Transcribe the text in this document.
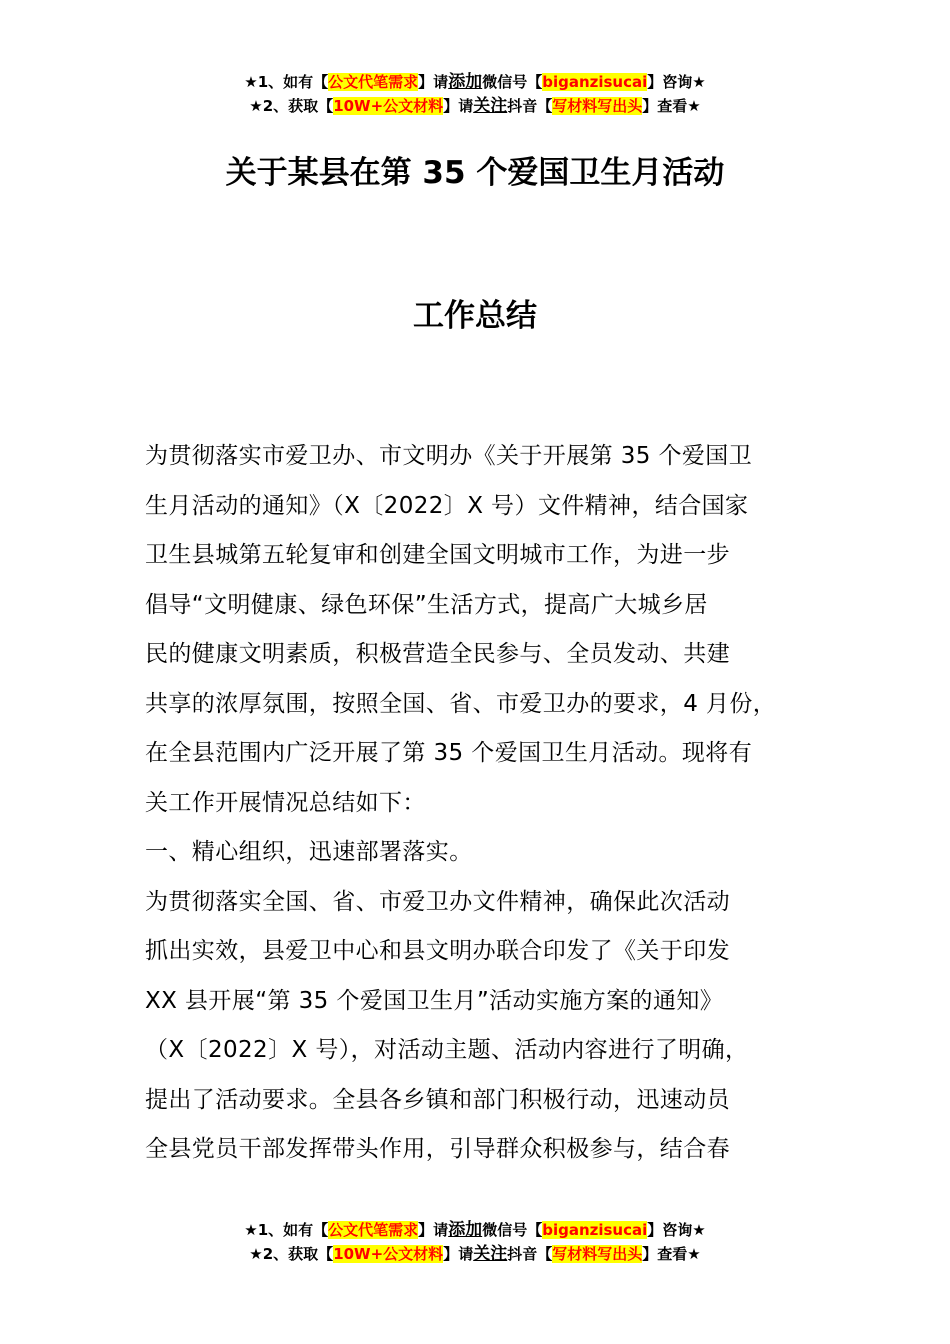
★1、如有【公文代笔需求】请添加微信号【biganzisucai】咨询★
★2、获取【10W+公文材料】请关注抖音【写材料写出头】查看★
关于某县在第 35 个爱国卫生月活动
工作总结

为贯彻落实市爱卫办、市文明办《关于开展第 35 个爱国卫

生月活动的通知》（X〔2022〕X 号）文件精神，结合国家

卫生县城第五轮复审和创建全国文明城市工作，为进一步

倡导“文明健康、绿色环保”生活方式，提高广大城乡居

民的健康文明素质，积极营造全民参与、全员发动、共建

共享的浓厚氛围，按照全国、省、市爱卫办的要求，4 月份，

在全县范围内广泛开展了第 35 个爱国卫生月活动。现将有

关工作开展情况总结如下：

一、精心组织，迅速部署落实。

为贯彻落实全国、省、市爱卫办文件精神，确保此次活动

抓出实效，县爱卫中心和县文明办联合印发了《关于印发

XX 县开展“第 35 个爱国卫生月”活动实施方案的通知》

（X〔2022〕X 号），对活动主题、活动内容进行了明确，

提出了活动要求。全县各乡镇和部门积极行动，迅速动员

全县党员干部发挥带头作用，引导群众积极参与，结合春

★1、如有【公文代笔需求】请添加微信号【biganzisucai】咨询★
★2、获取【10W+公文材料】请关注抖音【写材料写出头】查看★
